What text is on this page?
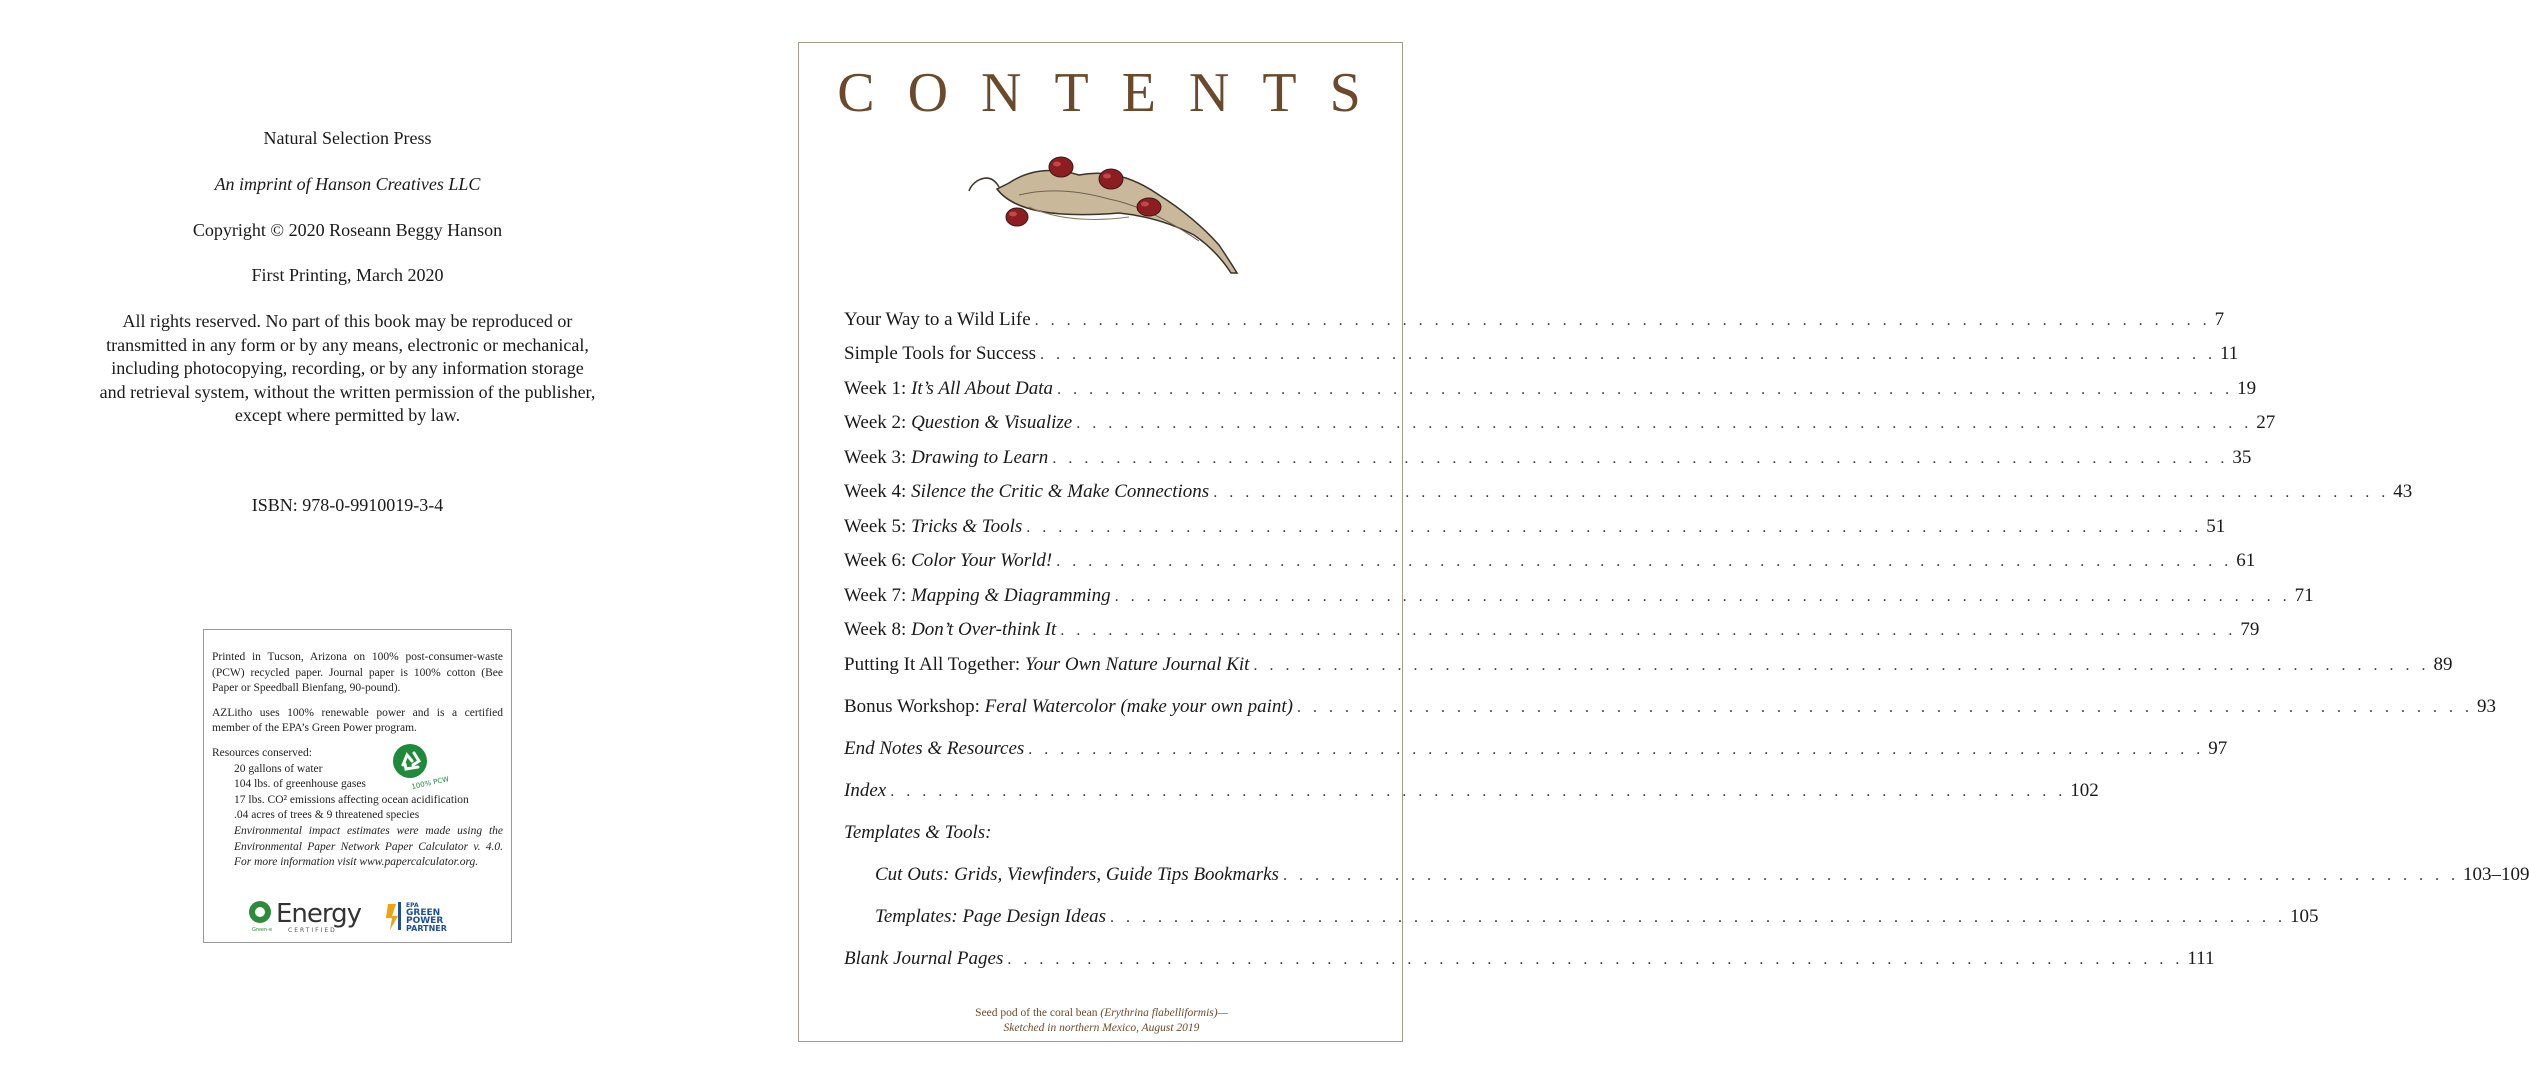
Natural Selection Press
An imprint of Hanson Creatives LLC
Copyright © 2020 Roseann Beggy Hanson
First Printing, March 2020
All rights reserved. No part of this book may be reproduced or
transmitted in any form or by any means, electronic or mechanical,
including photocopying, recording, or by any information storage
and retrieval system, without the written permission of the publisher,
except where permitted by law.
ISBN: 978-0-9910019-3-4

Printed in Tucson, Arizona on 100% post-consumer-waste (PCW) recycled paper. Journal paper is 100% cotton (Bee Paper or Speedball Bienfang, 90-pound).

AZLitho uses 100% renewable power and is a certified member of the EPA’s Green Power program.

Resources conserved:
20 gallons of water
104 lbs. of greenhouse gases
17 lbs. CO² emissions affecting ocean acidification
.04 acres of trees & 9 threatened species
Environmental impact estimates were made using the Environmental Paper Network Paper Calculator v. 4.0. For more information visit www.papercalculator.org.
100% PCW
Green-e
Energy
CERTIFIED
EPA
GREEN
POWER
PARTNER
CONTENTS
Your Way to a Wild Life . . .	7
Simple Tools for Success . . .	11
Week 1: It’s All About Data . . .	19
Week 2: Question & Visualize . . .	27
Week 3: Drawing to Learn . . .	35
Week 4: Silence the Critic & Make Connections . . .	43
Week 5: Tricks & Tools . . .	51
Week 6: Color Your World! . . .	61
Week 7: Mapping & Diagramming . . .	71
Week 8: Don’t Over-think It . . .	79
Putting It All Together: Your Own Nature Journal Kit . . .	89
Bonus Workshop: Feral Watercolor (make your own paint) . . .	93
End Notes & Resources . . .	97
Index . . .	102
Templates & Tools:
Cut Outs: Grids, Viewfinders, Guide Tips Bookmarks . . .	103–109
Templates: Page Design Ideas . . .	105
Blank Journal Pages . . .	111
Seed pod of the coral bean (Erythrina flabelliformis)—
Sketched in northern Mexico, August 2019
